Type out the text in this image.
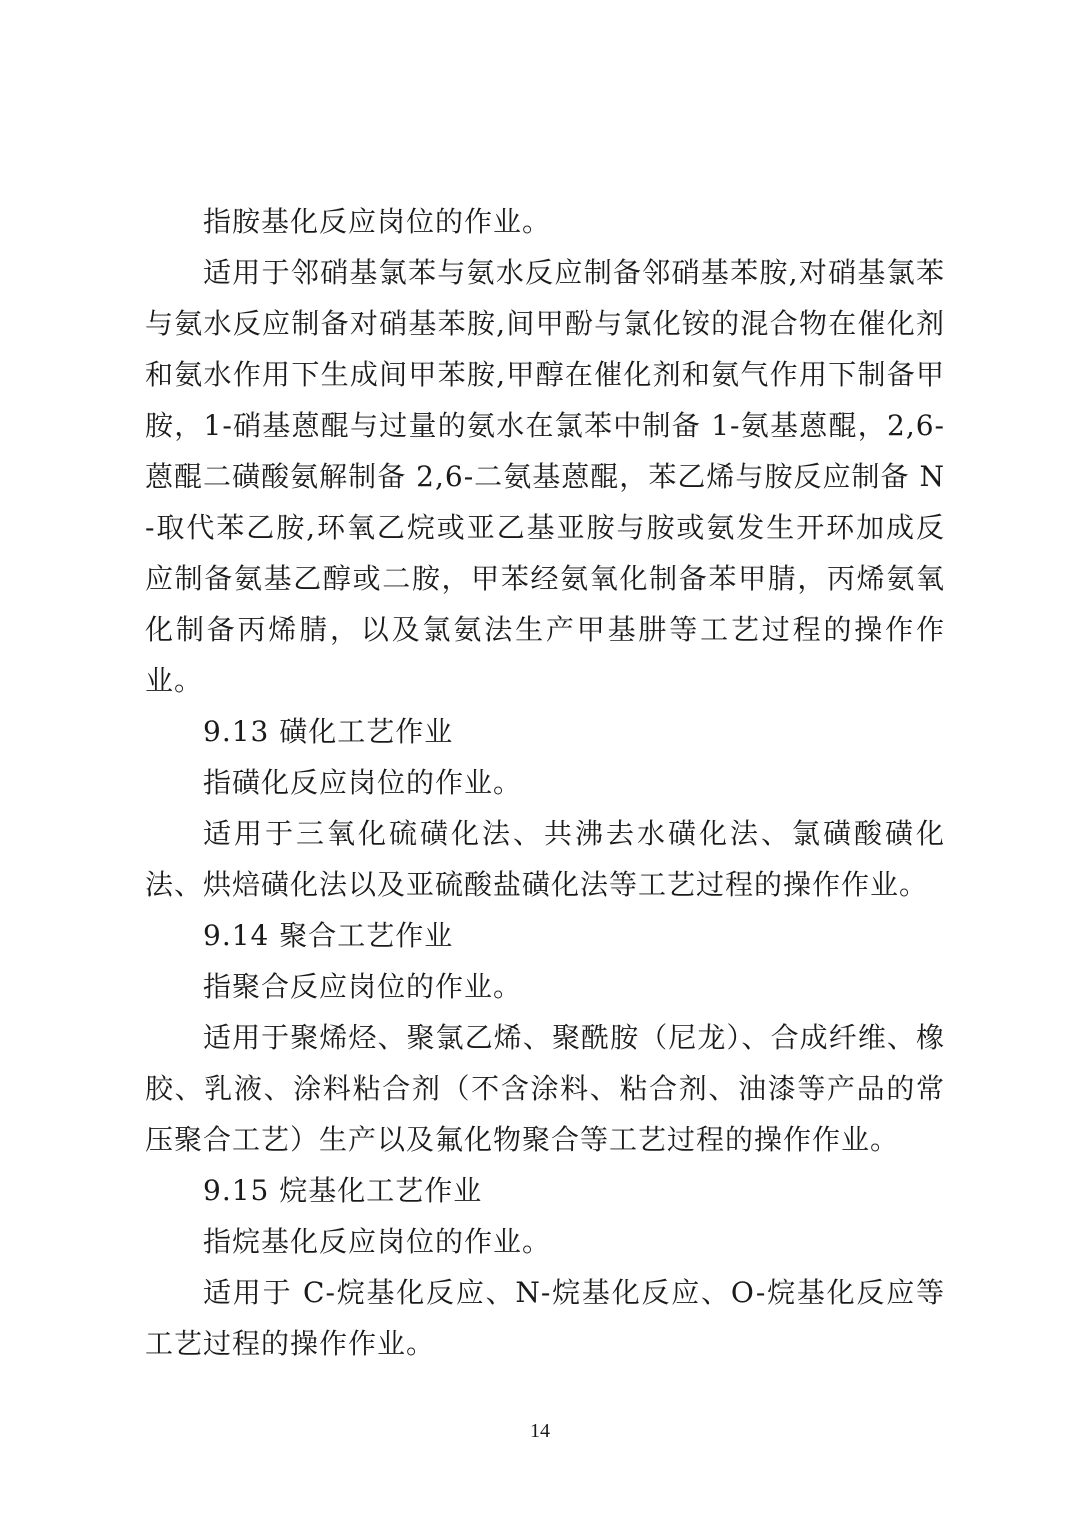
指胺基化反应岗位的作业。

适用于邻硝基氯苯与氨水反应制备邻硝基苯胺,对硝基氯苯与氨水反应制备对硝基苯胺,间甲酚与氯化铵的混合物在催化剂和氨水作用下生成间甲苯胺,甲醇在催化剂和氨气作用下制备甲胺，1-硝基蒽醌与过量的氨水在氯苯中制备 1-氨基蒽醌，2,6-蒽醌二磺酸氨解制备 2,6-二氨基蒽醌，苯乙烯与胺反应制备 N-取代苯乙胺,环氧乙烷或亚乙基亚胺与胺或氨发生开环加成反应制备氨基乙醇或二胺，甲苯经氨氧化制备苯甲腈，丙烯氨氧化制备丙烯腈，以及氯氨法生产甲基肼等工艺过程的操作作业。

9.13 磺化工艺作业

指磺化反应岗位的作业。

适用于三氧化硫磺化法、共沸去水磺化法、氯磺酸磺化法、烘焙磺化法以及亚硫酸盐磺化法等工艺过程的操作作业。

9.14 聚合工艺作业

指聚合反应岗位的作业。

适用于聚烯烃、聚氯乙烯、聚酰胺（尼龙）、合成纤维、橡胶、乳液、涂料粘合剂（不含涂料、粘合剂、油漆等产品的常压聚合工艺）生产以及氟化物聚合等工艺过程的操作作业。

9.15 烷基化工艺作业

指烷基化反应岗位的作业。

适用于 C-烷基化反应、N-烷基化反应、O-烷基化反应等工艺过程的操作作业。

14
